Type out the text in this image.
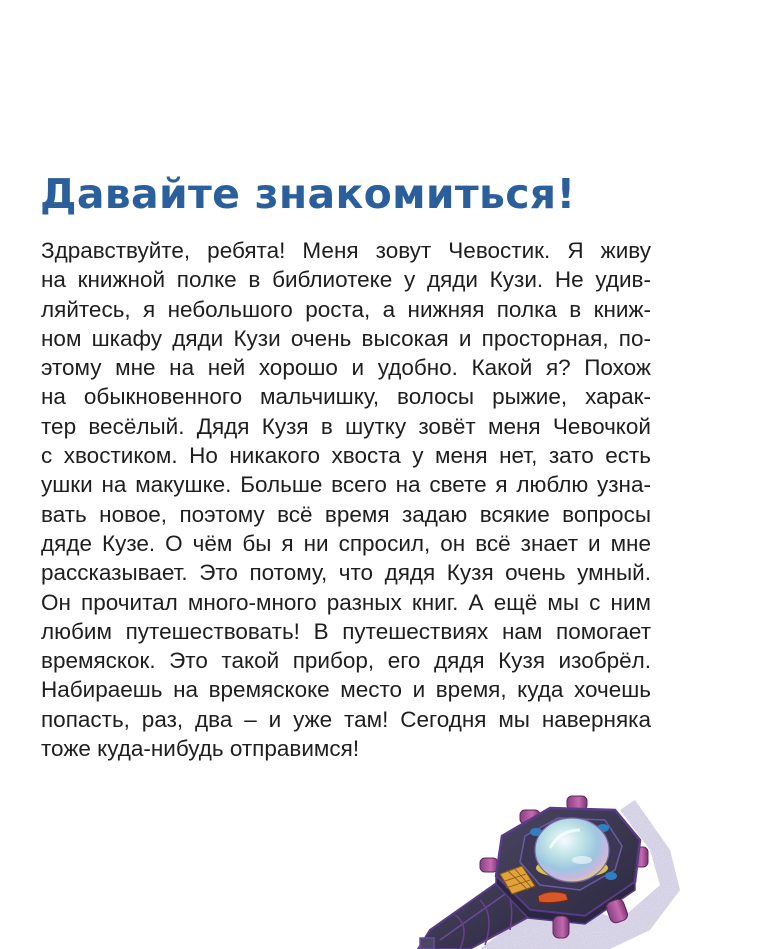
Давайте знакомиться!
Здравствуйте, ребята! Меня зовут Чевостик. Я живу
на книжной полке в библиотеке у дяди Кузи. Не удив-
ляйтесь, я небольшого роста, а нижняя полка в книж-
ном шкафу дяди Кузи очень высокая и просторная, по-
этому мне на ней хорошо и удобно. Какой я? Похож
на обыкновенного мальчишку, волосы рыжие, харак-
тер весёлый. Дядя Кузя в шутку зовёт меня Чевочкой
с хвостиком. Но никакого хвоста у меня нет, зато есть
ушки на макушке. Больше всего на свете я люблю узна-
вать новое, поэтому всё время задаю всякие вопросы
дяде Кузе. О чём бы я ни спросил, он всё знает и мне
рассказывает. Это потому, что дядя Кузя очень умный.
Он прочитал много-много разных книг. А ещё мы с ним
любим путешествовать! В путешествиях нам помогает
времяскок. Это такой прибор, его дядя Кузя изобрёл.
Набираешь на времяскоке место и время, куда хочешь
попасть, раз, два – и уже там! Сегодня мы наверняка
тоже куда-нибудь отправимся!
